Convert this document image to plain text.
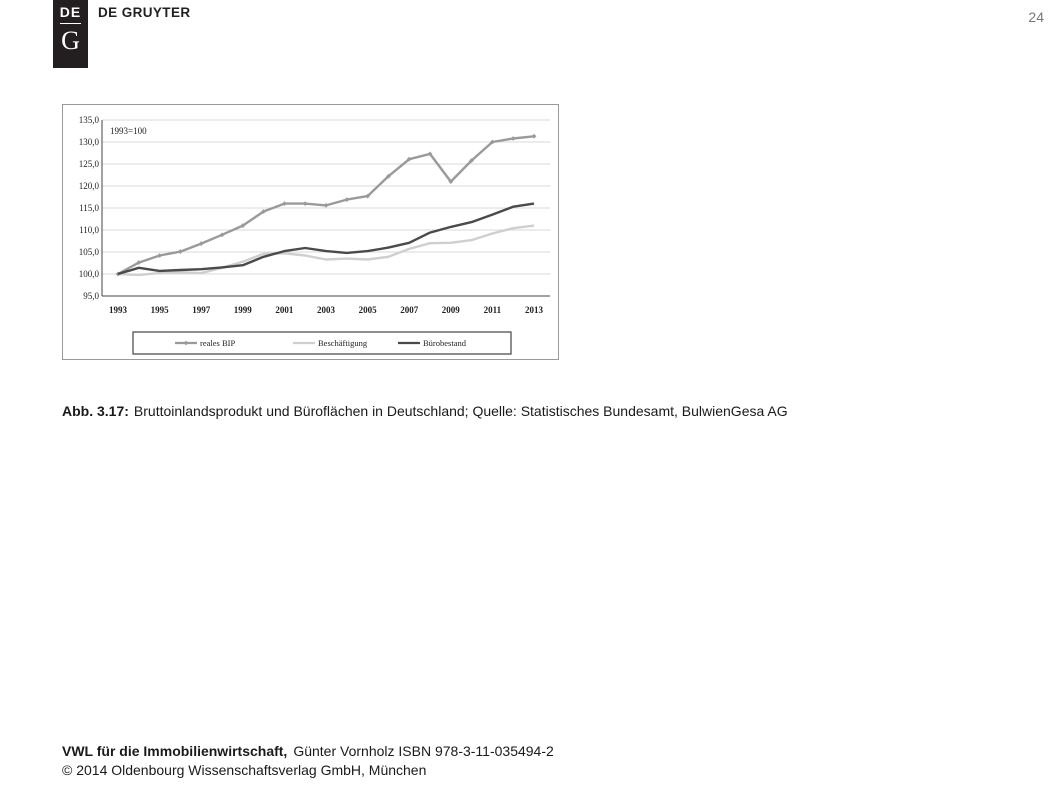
DE
G
DE GRUYTER	24
95,0
100,0
105,0
110,0
115,0
120,0
125,0
130,0
135,0
1993	1995	1997	1999	2001	2003	2005	2007	2009	2011	2013
1993=100
reales BIP	Beschäftigung	Bürobestand
Abb. 3.17: Bruttoinlandsprodukt und Büroflächen in Deutschland; Quelle: Statistisches Bundesamt, BulwienGesa AG
VWL für die Immobilienwirtschaft, Günter Vornholz ISBN 978-3-11-035494-2
© 2014 Oldenbourg Wissenschaftsverlag GmbH, München
